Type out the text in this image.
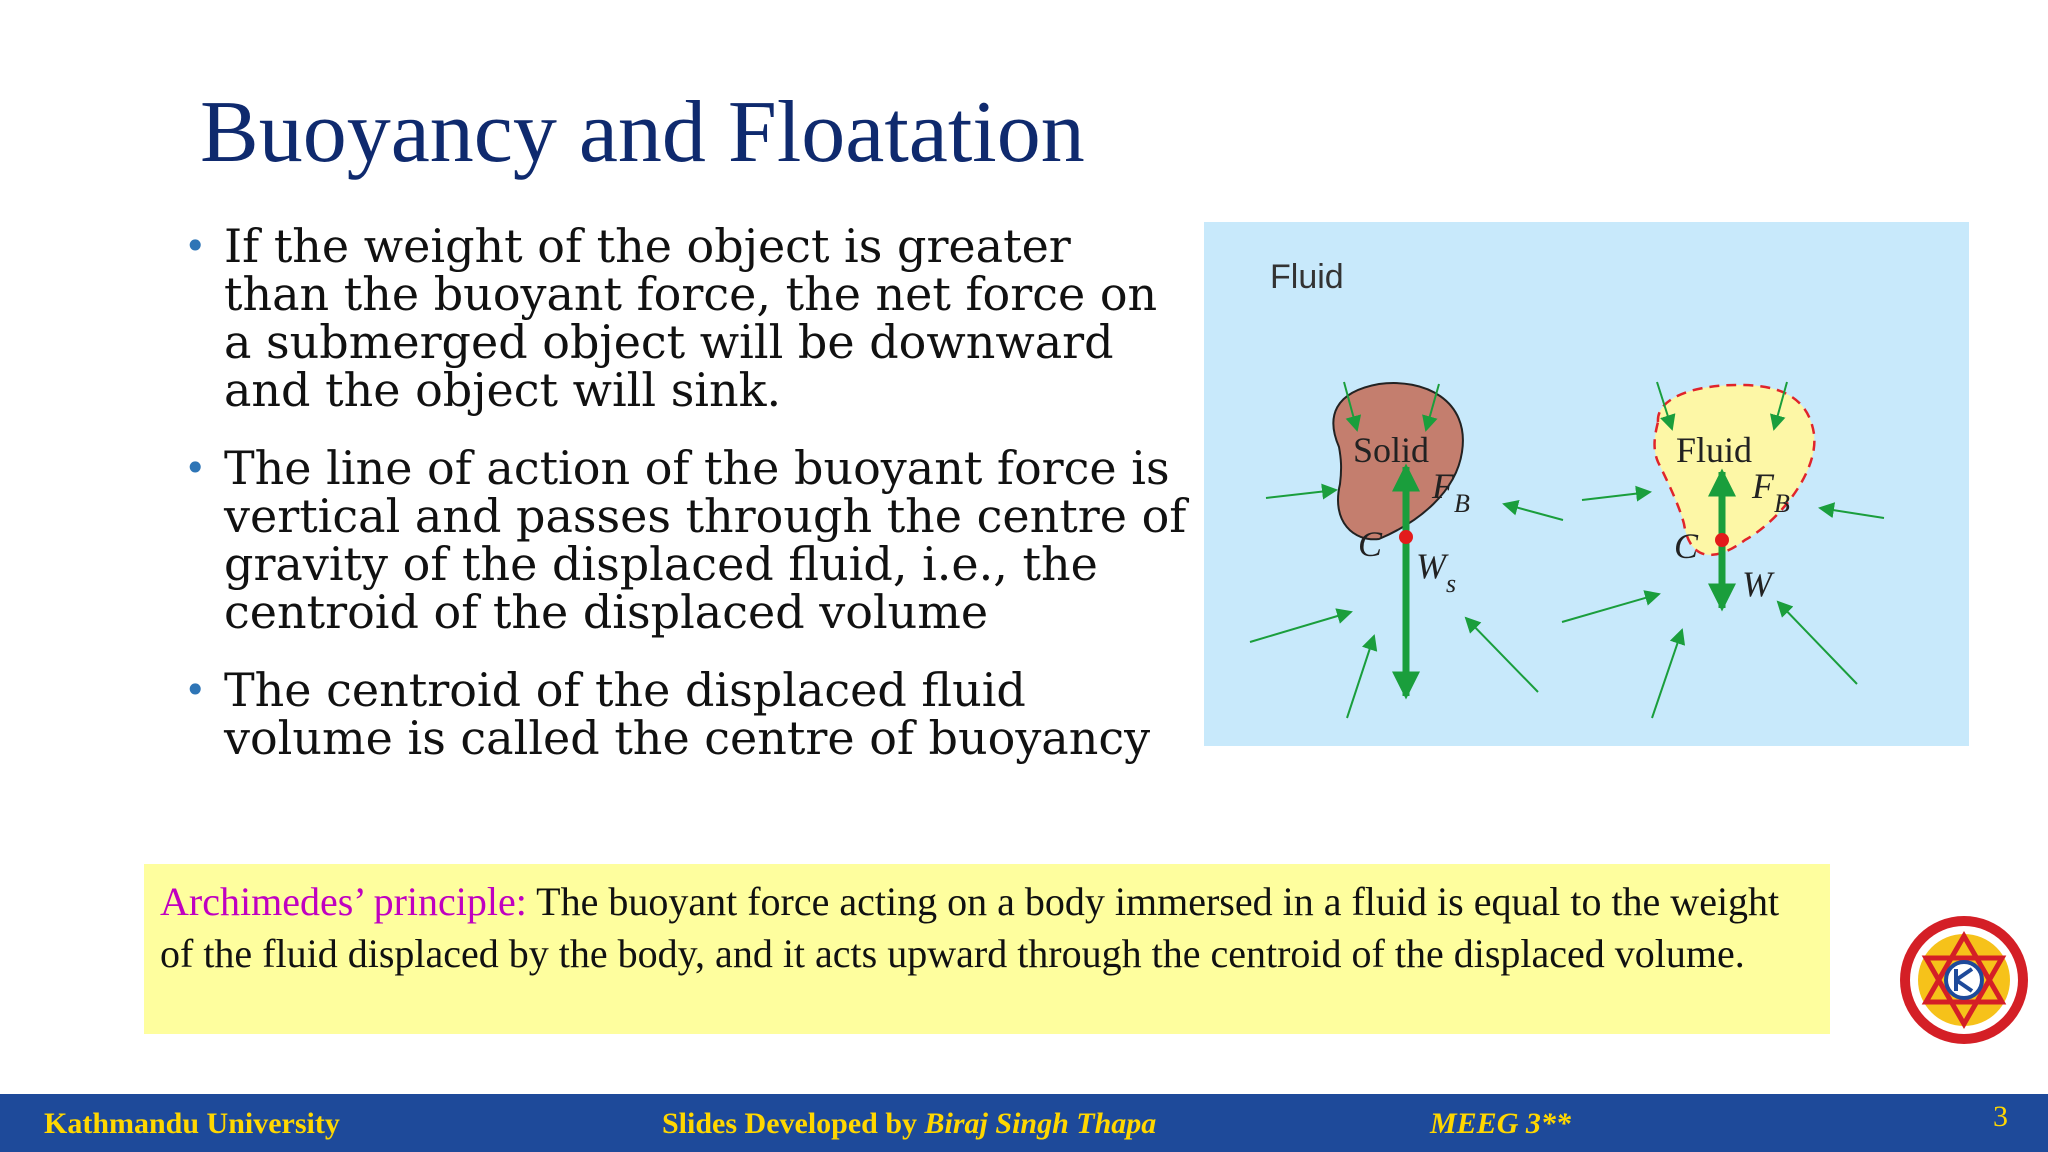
Buoyancy and Floatation
• If the weight of the object is greater than the buoyant force, the net force on a submerged object will be downward and the object will sink.
• The line of action of the buoyant force is vertical and passes through the centre of gravity of the displaced fluid, i.e., the centroid of the displaced volume
• The centroid of the displaced fluid volume is called the centre of buoyancy
Fluid
Solid
$F_B$
C
$W_s$
Fluid
$F_B$
C
W

Archimedes’ principle: The buoyant force acting on a body immersed in a fluid is equal to the weight of the fluid displaced by the body, and it acts upward through the centroid of the displaced volume.

Kathmandu University	Slides Developed by Biraj Singh Thapa	MEEG 3**	3
